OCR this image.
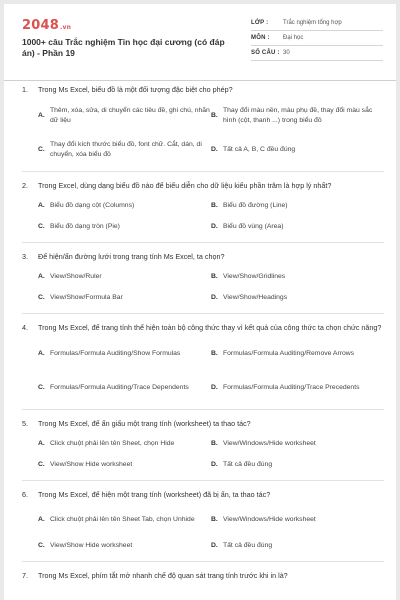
2048.vn
1000+ câu Trắc nghiệm Tin học đại cương (có đáp án) - Phần 19
LỚP :	Trắc nghiệm tổng hợp
MÔN :	Đại học
SỐ CÂU : 30
1.	Trong Ms Excel, biểu đồ là một đối tượng đặc biệt cho phép?
A.
Thêm, xóa, sửa, di chuyển các tiêu đề, ghi chú, nhãn dữ liệu
B.
Thay đổi màu nền, màu phụ đề, thay đổi màu sắc hình (cột, thanh ...) trong biểu đồ
C.
Thay đổi kích thước biểu đồ, font chữ. Cắt, dán, di chuyển, xóa biểu đồ
D. Tất cả A, B, C đều đúng
2.	Trong Excel, dùng dạng biểu đồ nào để biểu diễn cho dữ liệu kiểu phần trăm là hợp lý nhất?
A. Biểu đồ dạng cột (Columns)	B. Biểu đồ đường (Line)
C. Biểu đồ dạng tròn (Pie)	D. Biểu đồ vùng (Area)
3.	Để hiện/ẩn đường lưới trong trang tính Ms Excel, ta chọn?
A. View/Show/Ruler	B. View/Show/Gridlines
C. View/Show/Formula Bar	D. View/Show/Headings
4.	Trong Ms Excel, để trang tính thể hiện toàn bộ công thức thay vì kết quả của công thức ta chọn chức năng?
A. Formulas/Formula Auditing/Show Formulas	B. Formulas/Formula Auditing/Remove Arrows
C. Formulas/Formula Auditing/Trace Dependents	D. Formulas/Formula Auditing/Trace Precedents
5.	Trong Ms Excel, để ẩn giấu một trang tính (worksheet) ta thao tác?
A. Click chuột phải lên tên Sheet, chọn Hide	B. View/Windows/Hide worksheet
C. View/Show Hide worksheet	D. Tất cả đều đúng
6.	Trong Ms Excel, để hiện một trang tính (worksheet) đã bị ẩn, ta thao tác?
A. Click chuột phải lên tên Sheet Tab, chọn Unhide	B. View/Windows/Hide worksheet
C. View/Show Hide worksheet	D. Tất cả đều đúng
7.	Trong Ms Excel, phím tắt mở nhanh chế độ quan sát trang tính trước khi in là?
